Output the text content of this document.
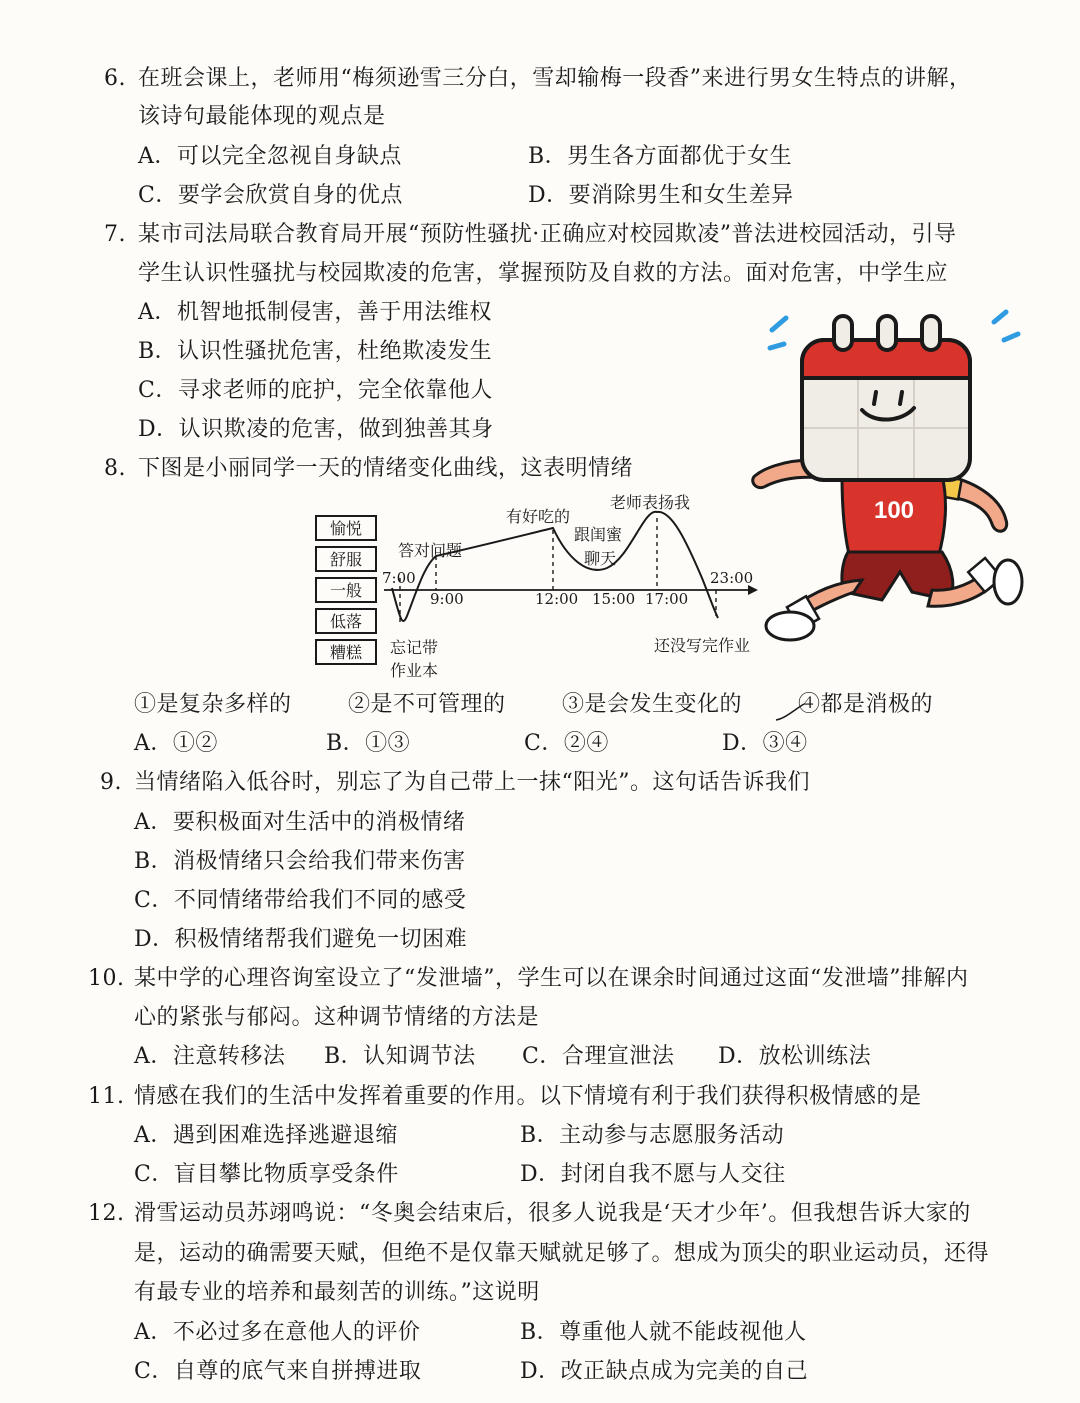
6. 在班会课上，老师用“梅须逊雪三分白，雪却输梅一段香”来进行男女生特点的讲解，
该诗句最能体现的观点是
A．可以完全忽视自身缺点	B．男生各方面都优于女生
C．要学会欣赏自身的优点	D．要消除男生和女生差异
7. 某市司法局联合教育局开展“预防性骚扰·正确应对校园欺凌”普法进校园活动，引导
学生认识性骚扰与校园欺凌的危害，掌握预防及自救的方法。面对危害，中学生应
A．机智地抵制侵害，善于用法维权
B．认识性骚扰危害，杜绝欺凌发生
C．寻求老师的庇护，完全依靠他人
D．认识欺凌的危害，做到独善其身
8. 下图是小丽同学一天的情绪变化曲线，这表明情绪
愉悦
舒服
一般
低落
糟糕
7:00
9:00	12:00 15:00 17:00
23:00
答对问题
有好吃的
跟闺蜜
聊天
老师表扬我
忘记带
作业本
还没写完作业
①是复杂多样的	②是不可管理的	③是会发生变化的	④都是消极的
A．①②	B．①③	C．②④	D．③④
9. 当情绪陷入低谷时，别忘了为自己带上一抹“阳光”。这句话告诉我们
A．要积极面对生活中的消极情绪
B．消极情绪只会给我们带来伤害
C．不同情绪带给我们不同的感受
D．积极情绪帮我们避免一切困难
10. 某中学的心理咨询室设立了“发泄墙”，学生可以在课余时间通过这面“发泄墙”排解内
心的紧张与郁闷。这种调节情绪的方法是
A．注意转移法 B．认知调节法 C．合理宣泄法 D．放松训练法
11. 情感在我们的生活中发挥着重要的作用。以下情境有利于我们获得积极情感的是
A．遇到困难选择逃避退缩	B．主动参与志愿服务活动
C．盲目攀比物质享受条件	D．封闭自我不愿与人交往
12. 滑雪运动员苏翊鸣说：“冬奥会结束后，很多人说我是‘天才少年’。但我想告诉大家的
是，运动的确需要天赋，但绝不是仅靠天赋就足够了。想成为顶尖的职业运动员，还得
有最专业的培养和最刻苦的训练。”这说明
A．不必过多在意他人的评价	B．尊重他人就不能歧视他人
C．自尊的底气来自拼搏进取	D．改正缺点成为完美的自己
100
